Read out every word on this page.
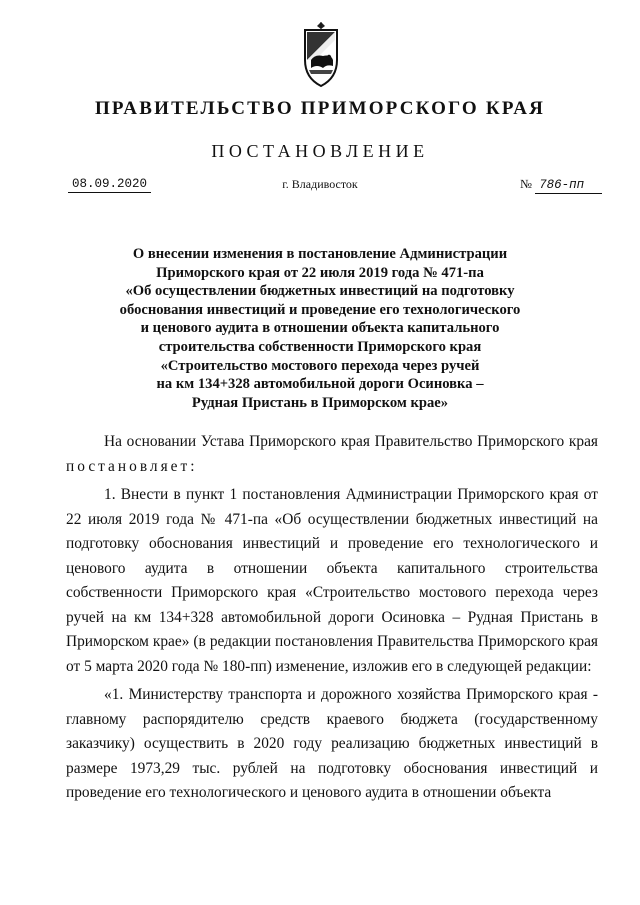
ПРАВИТЕЛЬСТВО ПРИМОРСКОГО КРАЯ
ПОСТАНОВЛЕНИЕ
08.09.2020	г. Владивосток	№ 786-пп
О внесении изменения в постановление Администрации
Приморского края от 22 июля 2019 года № 471-па
«Об осуществлении бюджетных инвестиций на подготовку
обоснования инвестиций и проведение его технологического
и ценового аудита в отношении объекта капитального
строительства собственности Приморского края
«Строительство мостового перехода через ручей
на км 134+328 автомобильной дороги Осиновка –
Рудная Пристань в Приморском крае»

На основании Устава Приморского края Правительство Приморского края постановляет:

1. Внести в пункт 1 постановления Администрации Приморского края от 22 июля 2019 года № 471-па «Об осуществлении бюджетных инвестиций на подготовку обоснования инвестиций и проведение его технологического и ценового аудита в отношении объекта капитального строительства собственности Приморского края «Строительство мостового перехода через ручей на км 134+328 автомобильной дороги Осиновка – Рудная Пристань в Приморском крае» (в редакции постановления Правительства Приморского края от 5 марта 2020 года № 180-пп) изменение, изложив его в следующей редакции:

«1. Министерству транспорта и дорожного хозяйства Приморского края - главному распорядителю средств краевого бюджета (государственному заказчику) осуществить в 2020 году реализацию бюджетных инвестиций в размере 1973,29 тыс. рублей на подготовку обоснования инвестиций и проведение его технологического и ценового аудита в отношении объекта
